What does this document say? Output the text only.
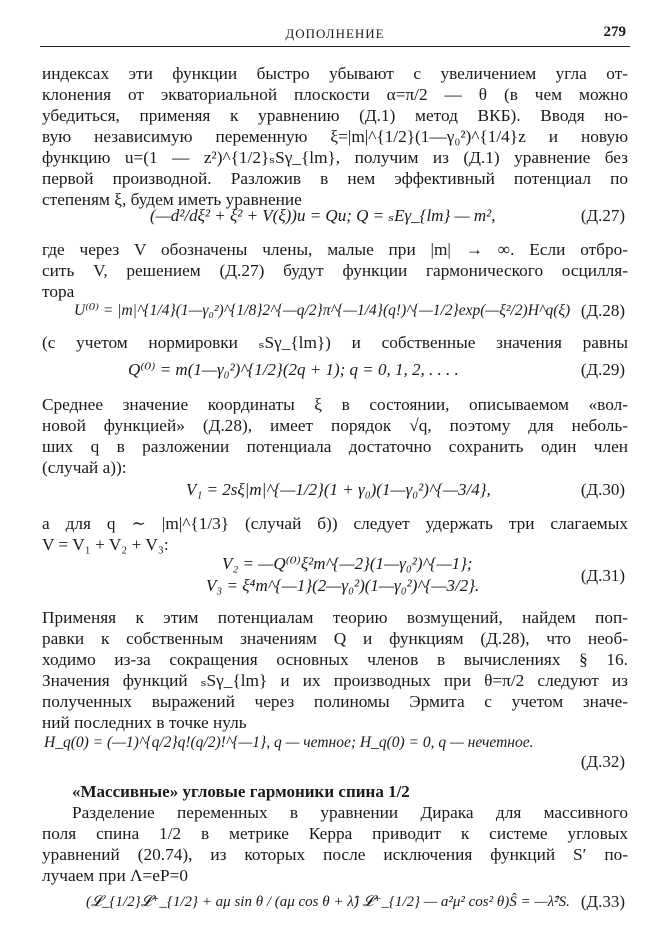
ДОПОЛНЕНИЕ	279
индексах эти функции быстро убывают с увеличением угла от-
клонения от экваториальной плоскости α=π/2 — θ (в чем можно
убедиться, применяя к уравнению (Д.1) метод ВКБ). Вводя но-
вую независимую переменную ξ=|m|^{1/2}(1—γ₀²)^{1/4}z и новую
функцию u=(1 — z²)^{1/2}ₛSγ_{lm}, получим из (Д.1) уравнение без
первой производной. Разложив в нем эффективный потенциал по
степеням ξ, будем иметь уравнение
(—d²/dξ² + ξ² + V(ξ))u = Qu; Q = ₛEγ_{lm} — m²,	(Д.27)
где через V обозначены члены, малые при |m| → ∞. Если отбро-
сить V, решением (Д.27) будут функции гармонического осцилля-
тора
U⁽⁰⁾ = |m|^{1/4}(1—γ₀²)^{1/8}2^{—q/2}π^{—1/4}(q!)^{—1/2}exp(—ξ²/2)H^q(ξ) (Д.28)
(с учетом нормировки ₛSγ_{lm}) и собственные значения равны
Q⁽⁰⁾ = m(1—γ₀²)^{1/2}(2q + 1); q = 0, 1, 2, . . . .	(Д.29)
Среднее значение координаты ξ в состоянии, описываемом «вол-
новой функцией» (Д.28), имеет порядок √q, поэтому для неболь-
ших q в разложении потенциала достаточно сохранить один член
(случай а)):
V₁ = 2sξ|m|^{—1/2}(1 + γ₀)(1—γ₀²)^{—3/4},	(Д.30)
а для q ∼ |m|^{1/3} (случай б)) следует удержать три слагаемых
V = V₁ + V₂ + V₃:
V₂ = —Q⁽⁰⁾ξ²m^{—2}(1—γ₀²)^{—1};
V₃ = ξ⁴m^{—1}(2—γ₀²)(1—γ₀²)^{—3/2}.
(Д.31)
Применяя к этим потенциалам теорию возмущений, найдем поп-
равки к собственным значениям Q и функциям (Д.28), что необ-
ходимо из-за сокращения основных членов в вычислениях § 16.
Значения функций ₛSγ_{lm} и их производных при θ=π/2 следуют из
полученных выражений через полиномы Эрмита с учетом значе-
ний последних в точке нуль
H_q(0) = (—1)^{q/2}q!(q/2)!^{—1}, q — четное; H_q(0) = 0, q — нечетное.
(Д.32)
«Массивные» угловые гармоники спина 1/2
Разделение переменных в уравнении Дирака для массивного
поля спина 1/2 в метрике Керра приводит к системе угловых
уравнений (20.74), из которых после исключения функций S′ по-
лучаем при Λ=eP=0
(𝓛_{1/2}𝓛⁺_{1/2} + aμ sin θ / (aμ cos θ + λ̂) 𝓛⁺_{1/2} — a²μ² cos² θ)Ŝ = —λ̂²S. (Д.33)
